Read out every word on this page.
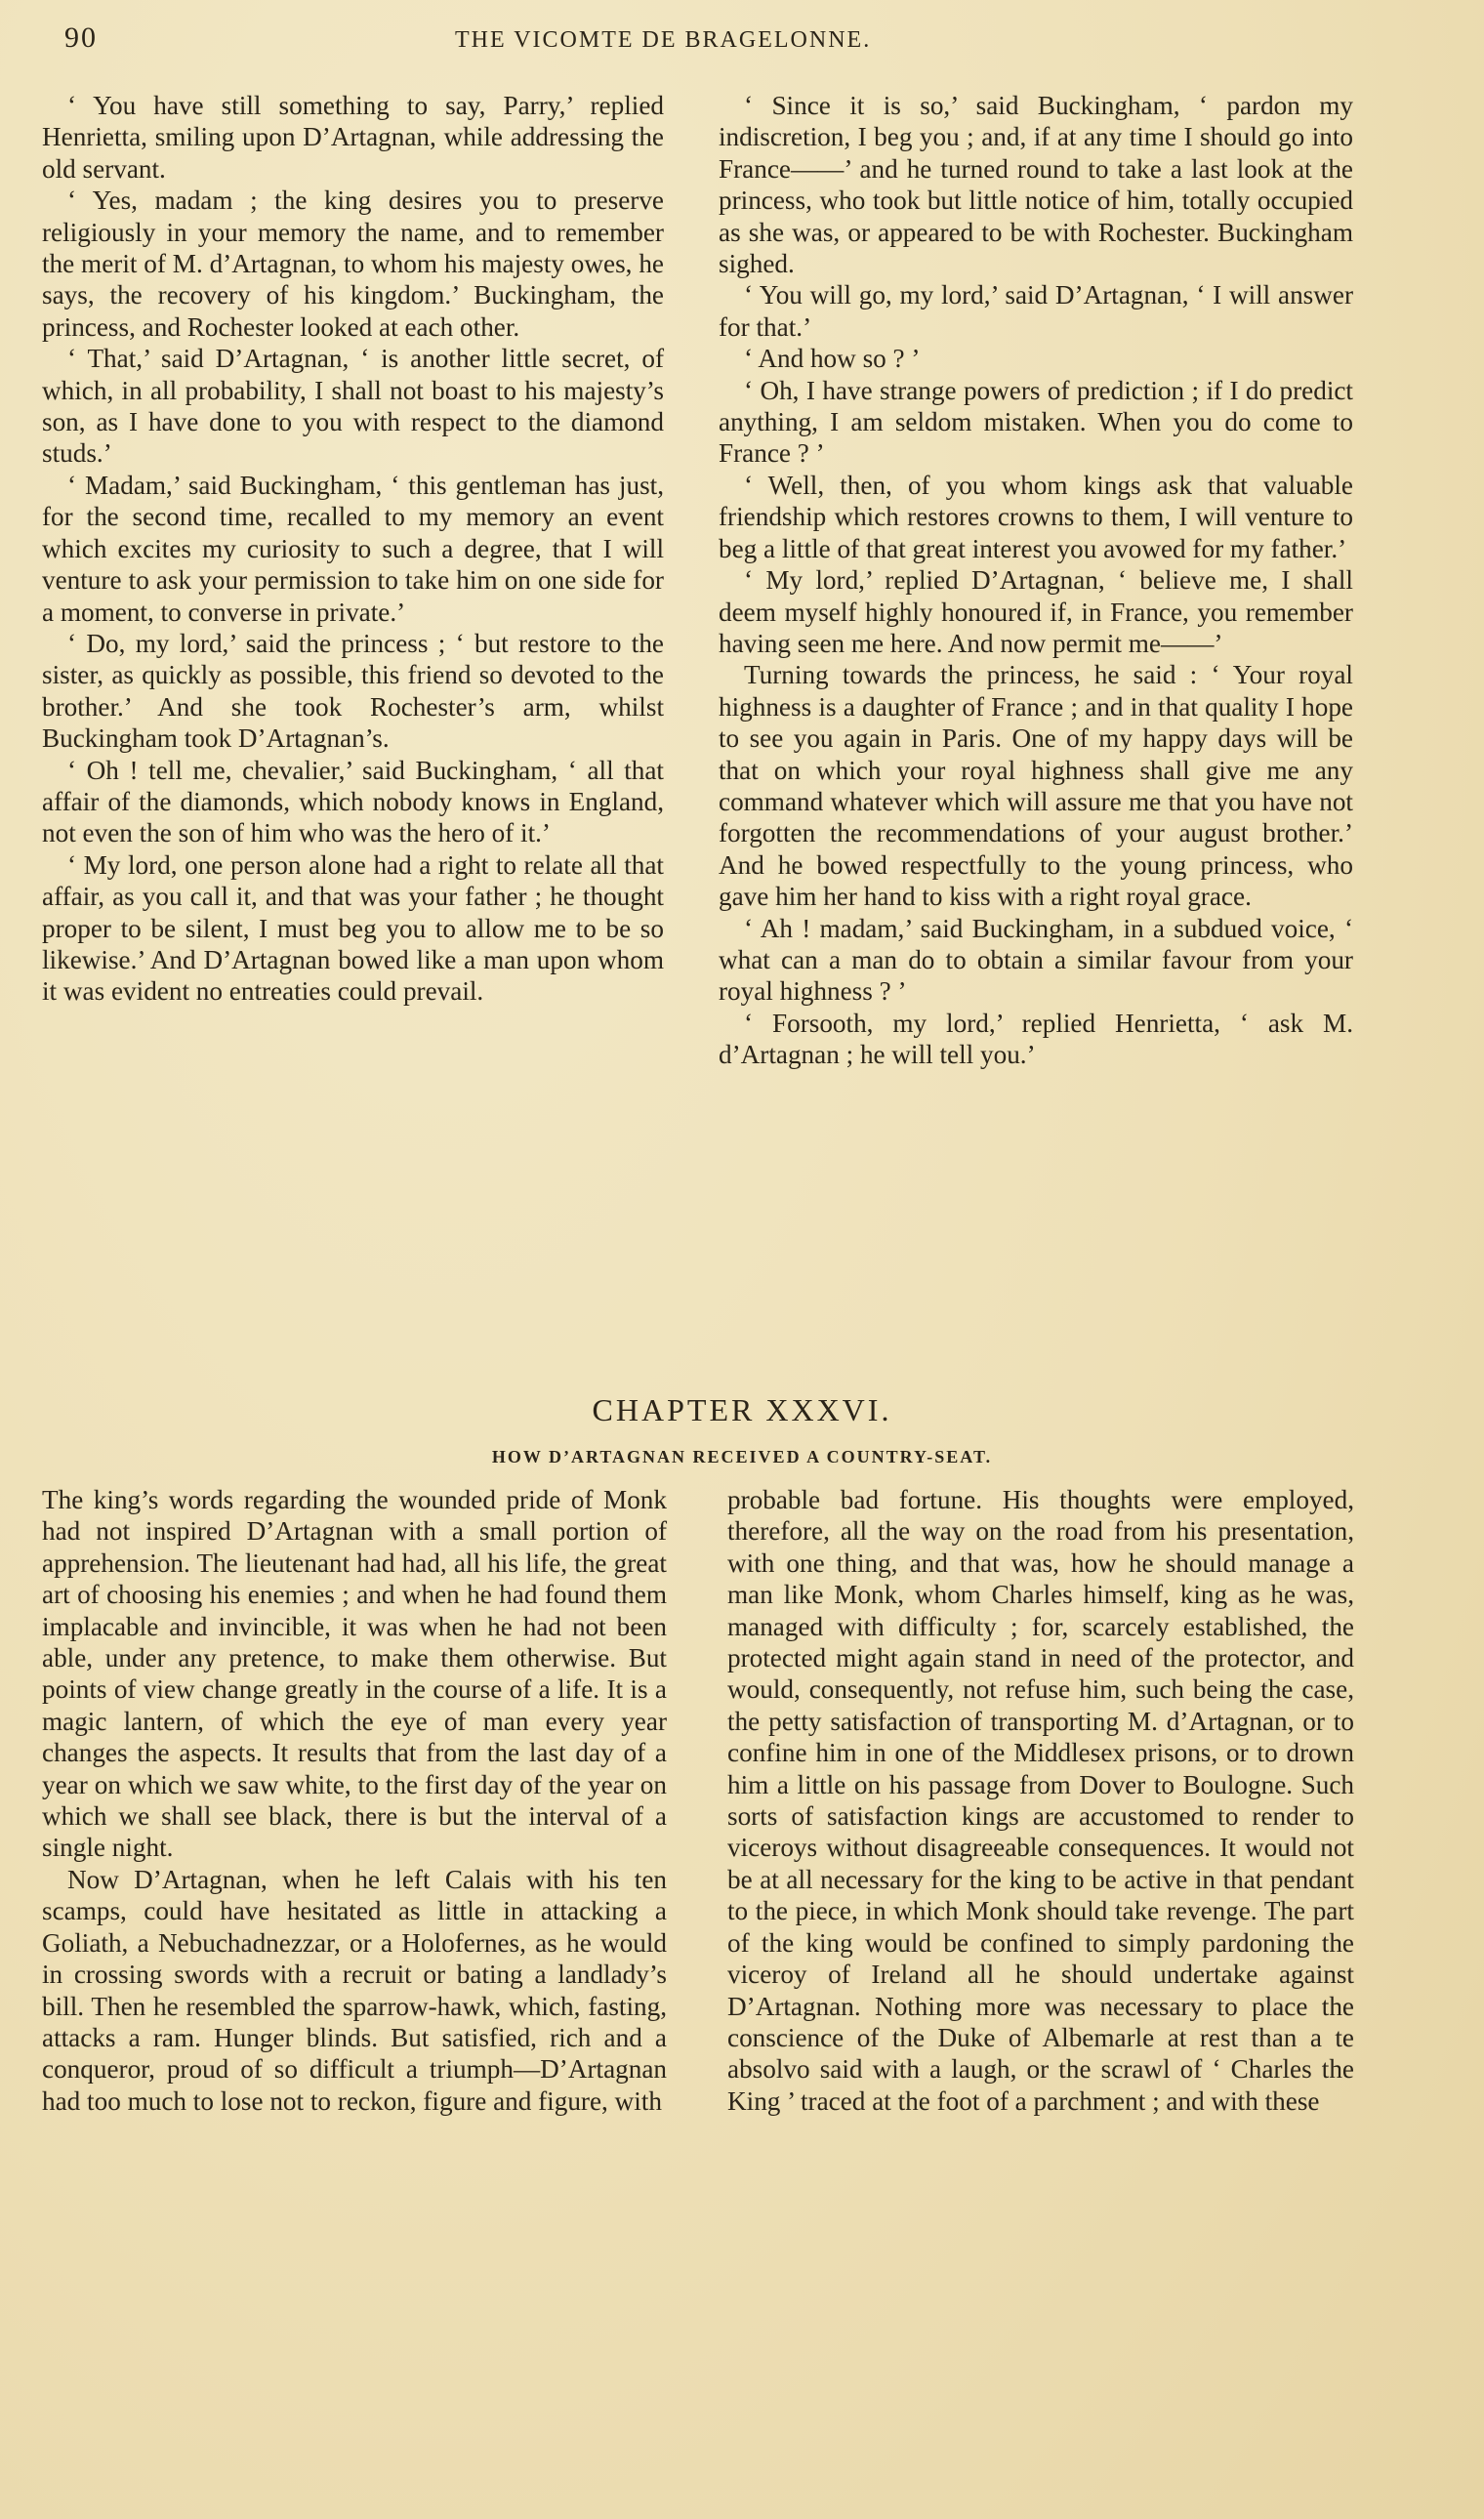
90	THE VICOMTE DE BRAGELONNE.

‘ You have still something to say, Parry,’ replied Henrietta, smiling upon D’Artagnan, while addressing the old servant.

‘ Yes, madam ; the king desires you to preserve religiously in your memory the name, and to remember the merit of M. d’Artagnan, to whom his majesty owes, he says, the recovery of his kingdom.’ Buckingham, the princess, and Rochester looked at each other.

‘ That,’ said D’Artagnan, ‘ is another little secret, of which, in all probability, I shall not boast to his majesty’s son, as I have done to you with respect to the diamond studs.’

‘ Madam,’ said Buckingham, ‘ this gentleman has just, for the second time, recalled to my memory an event which excites my curiosity to such a degree, that I will venture to ask your permission to take him on one side for a moment, to converse in private.’

‘ Do, my lord,’ said the princess ; ‘ but restore to the sister, as quickly as possible, this friend so devoted to the brother.’ And she took Rochester’s arm, whilst Buckingham took D’Artagnan’s.

‘ Oh ! tell me, chevalier,’ said Buckingham, ‘ all that affair of the diamonds, which nobody knows in England, not even the son of him who was the hero of it.’

‘ My lord, one person alone had a right to relate all that affair, as you call it, and that was your father ; he thought proper to be silent, I must beg you to allow me to be so likewise.’ And D’Artagnan bowed like a man upon whom it was evident no entreaties could prevail.

‘ Since it is so,’ said Buckingham, ‘ pardon my indiscretion, I beg you ; and, if at any time I should go into France——’ and he turned round to take a last look at the princess, who took but little notice of him, totally occupied as she was, or appeared to be with Rochester. Buckingham sighed.

‘ You will go, my lord,’ said D’Artagnan, ‘ I will answer for that.’

‘ And how so ? ’

‘ Oh, I have strange powers of prediction ; if I do predict anything, I am seldom mistaken. When you do come to France ? ’

‘ Well, then, of you whom kings ask that valuable friendship which restores crowns to them, I will venture to beg a little of that great interest you avowed for my father.’

‘ My lord,’ replied D’Artagnan, ‘ believe me, I shall deem myself highly honoured if, in France, you remember having seen me here. And now permit me——’

Turning towards the princess, he said : ‘ Your royal highness is a daughter of France ; and in that quality I hope to see you again in Paris. One of my happy days will be that on which your royal highness shall give me any command whatever which will assure me that you have not forgotten the recommendations of your august brother.’ And he bowed respectfully to the young princess, who gave him her hand to kiss with a right royal grace.

‘ Ah ! madam,’ said Buckingham, in a subdued voice, ‘ what can a man do to obtain a similar favour from your royal highness ? ’

‘ Forsooth, my lord,’ replied Henrietta, ‘ ask M. d’Artagnan ; he will tell you.’

CHAPTER XXXVI.
HOW D’ARTAGNAN RECEIVED A COUNTRY-SEAT.

The king’s words regarding the wounded pride of Monk had not inspired D’Artagnan with a small portion of apprehension. The lieutenant had had, all his life, the great art of choosing his enemies ; and when he had found them implacable and invincible, it was when he had not been able, under any pretence, to make them otherwise. But points of view change greatly in the course of a life. It is a magic lantern, of which the eye of man every year changes the aspects. It results that from the last day of a year on which we saw white, to the first day of the year on which we shall see black, there is but the interval of a single night.

Now D’Artagnan, when he left Calais with his ten scamps, could have hesitated as little in attacking a Goliath, a Nebuchadnezzar, or a Holofernes, as he would in crossing swords with a recruit or bating a landlady’s bill. Then he resembled the sparrow-hawk, which, fasting, attacks a ram. Hunger blinds. But satisfied, rich and a conqueror, proud of so difficult a triumph—D’Artagnan had too much to lose not to reckon, figure and figure, with

probable bad fortune. His thoughts were employed, therefore, all the way on the road from his presentation, with one thing, and that was, how he should manage a man like Monk, whom Charles himself, king as he was, managed with difficulty ; for, scarcely established, the protected might again stand in need of the protector, and would, consequently, not refuse him, such being the case, the petty satisfaction of transporting M. d’Artagnan, or to confine him in one of the Middlesex prisons, or to drown him a little on his passage from Dover to Boulogne. Such sorts of satisfaction kings are accustomed to render to viceroys without disagreeable consequences. It would not be at all necessary for the king to be active in that pendant to the piece, in which Monk should take revenge. The part of the king would be confined to simply pardoning the viceroy of Ireland all he should undertake against D’Artagnan. Nothing more was necessary to place the conscience of the Duke of Albemarle at rest than a te absolvo said with a laugh, or the scrawl of ‘ Charles the King ’ traced at the foot of a parchment ; and with these
